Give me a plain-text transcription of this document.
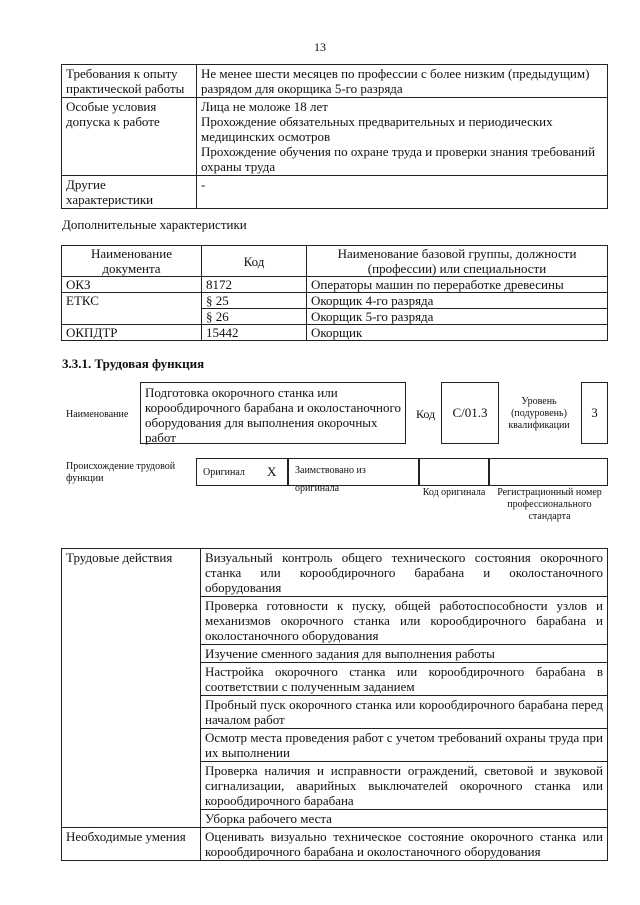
13
Требования к опыту практической работы	Не менее шести месяцев по профессии с более низким (предыдущим) разрядом для окорщика 5-го разряда
Особые условия допуска к работе	Лица не моложе 18 лет
Прохождение обязательных предварительных и периодических медицинских осмотров
Прохождение обучения по охране труда и проверки знания требований охраны труда

Другие характеристики	-
Дополнительные характеристики
Наименование документа	Код	Наименование базовой группы, должности (профессии) или специальности
ОКЗ	8172	Операторы машин по переработке древесины
ЕТКС	§ 25	Окорщик 4-го разряда
	§ 26	Окорщик 5-го разряда
ОКПДТР	15442	Окорщик
3.3.1. Трудовая функция
Наименование
Подготовка окорочного станка или корообдирочного барабана и околостаночного оборудования для выполнения окорочных работ
Код С/01.3
Уровень (подуровень) квалификации
3
Происхождение трудовой функции
Оригинал Х	Заимствовано из оригинала	Код оригинала	Регистрационный номер профессионального стандарта
Трудовые действия	Визуальный контроль общего технического состояния окорочного станка или корообдирочного барабана и околостаночного оборудования
	Проверка готовности к пуску, общей работоспособности узлов и механизмов окорочного станка или корообдирочного барабана и околостаночного оборудования
	Изучение сменного задания для выполнения работы
	Настройка окорочного станка или корообдирочного барабана в соответствии с полученным заданием
	Пробный пуск окорочного станка или корообдирочного барабана перед началом работ
	Осмотр места проведения работ с учетом требований охраны труда при их выполнении
	Проверка наличия и исправности ограждений, световой и звуковой сигнализации, аварийных выключателей окорочного станка или корообдирочного барабана
	Уборка рабочего места
Необходимые умения	Оценивать визуально техническое состояние окорочного станка или корообдирочного барабана и околостаночного оборудования
